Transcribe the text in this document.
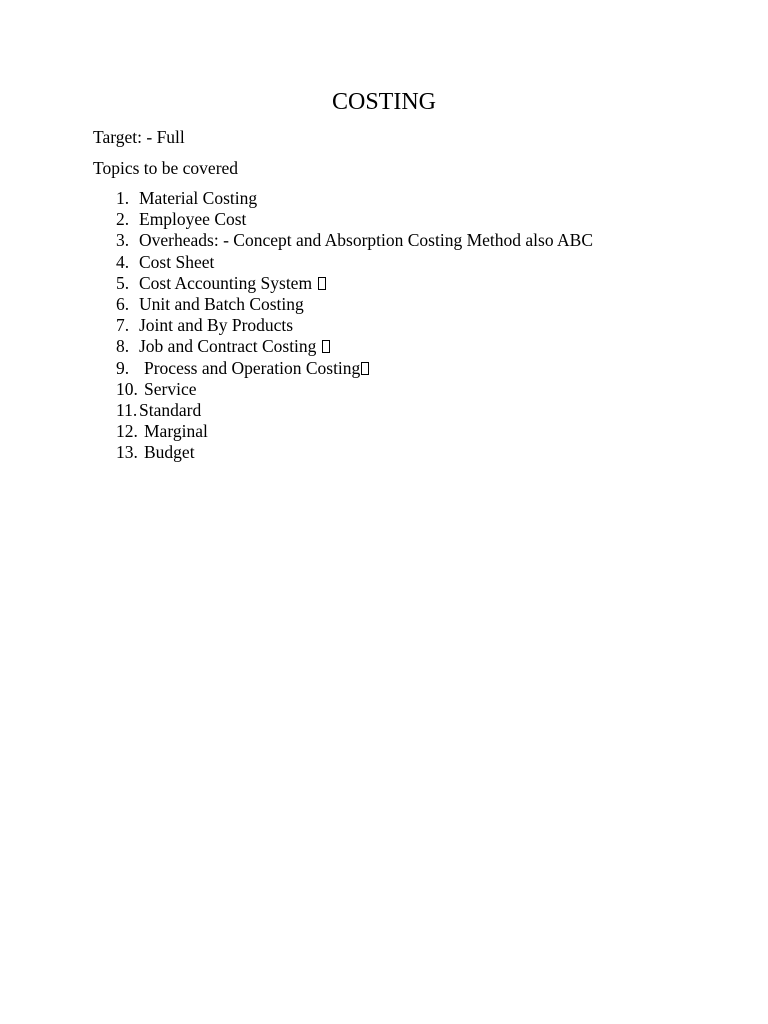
COSTING
Target: - Full
Topics to be covered
1. Material Costing
2. Employee Cost
3. Overheads: - Concept and Absorption Costing Method also ABC
4. Cost Sheet
5. Cost Accounting System
6. Unit and Batch Costing
7. Joint and By Products
8. Job and Contract Costing
9. Process and Operation Costing
10. Service
11. Standard
12. Marginal
13. Budget
